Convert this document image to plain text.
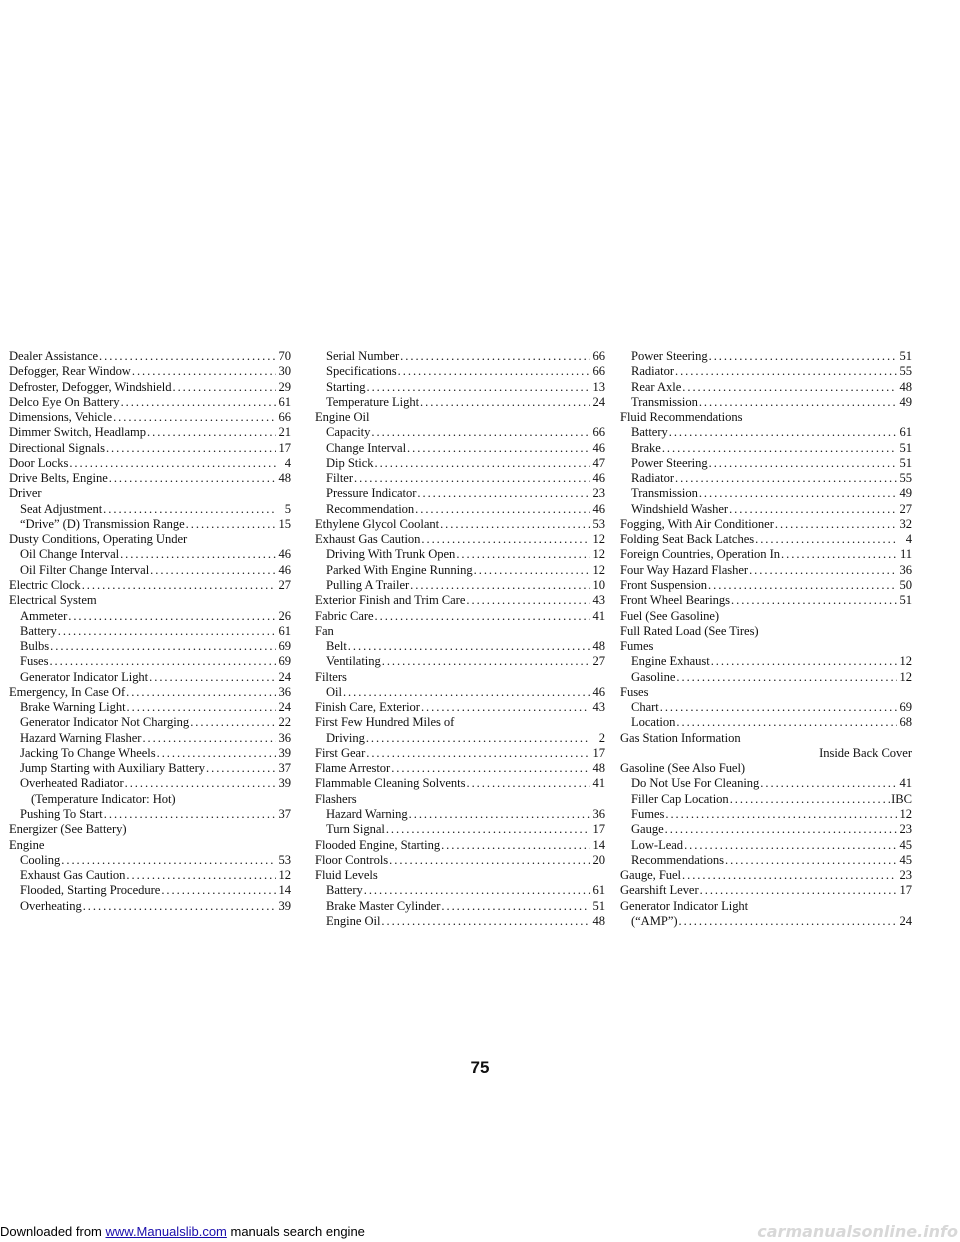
Dealer Assistance . . .	70
Defogger, Rear Window . . .	30
Defroster, Defogger, Windshield . . .	29
Delco Eye On Battery . . .	61
Dimensions, Vehicle . . .	66
Dimmer Switch, Headlamp . . .	21
Directional Signals . . .	17
Door Locks . . .	4
Drive Belts, Engine . . .	48
Driver
Seat Adjustment . . .	5
“Drive” (D) Transmission Range . . .	15
Dusty Conditions, Operating Under
Oil Change Interval . . .	46
Oil Filter Change Interval . . .	46
Electric Clock . . .	27
Electrical System
Ammeter . . .	26
Battery . . .	61
Bulbs . . .	69
Fuses . . .	69
Generator Indicator Light . . .	24
Emergency, In Case Of . . .	36
Brake Warning Light . . .	24
Generator Indicator Not Charging . . .	22
Hazard Warning Flasher . . .	36
Jacking To Change Wheels . . .	39
Jump Starting with Auxiliary Battery . . .	37
Overheated Radiator . . .	39
(Temperature Indicator: Hot)
Pushing To Start . . .	37
Energizer (See Battery)
Engine
Cooling . . .	53
Exhaust Gas Caution . . .	12
Flooded, Starting Procedure . . .	14
Overheating . . .	39
Serial Number . . .	66
Specifications . . .	66
Starting . . .	13
Temperature Light . . .	24
Engine Oil
Capacity . . .	66
Change Interval . . .	46
Dip Stick . . .	47
Filter . . .	46
Pressure Indicator . . .	23
Recommendation . . .	46
Ethylene Glycol Coolant . . .	53
Exhaust Gas Caution . . .	12
Driving With Trunk Open . . .	12
Parked With Engine Running . . .	12
Pulling A Trailer . . .	10
Exterior Finish and Trim Care . . .	43
Fabric Care . . .	41
Fan
Belt . . .	48
Ventilating . . .	27
Filters
Oil . . .	46
Finish Care, Exterior . . .	43
First Few Hundred Miles of
Driving . . .	2
First Gear . . .	17
Flame Arrestor . . .	48
Flammable Cleaning Solvents . . .	41
Flashers
Hazard Warning . . .	36
Turn Signal . . .	17
Flooded Engine, Starting . . .	14
Floor Controls . . .	20
Fluid Levels
Battery . . .	61
Brake Master Cylinder . . .	51
Engine Oil . . .	48
Power Steering . . .	51
Radiator . . .	55
Rear Axle . . .	48
Transmission . . .	49
Fluid Recommendations
Battery . . .	61
Brake . . .	51
Power Steering . . .	51
Radiator . . .	55
Transmission . . .	49
Windshield Washer . . .	27
Fogging, With Air Conditioner . . .	32
Folding Seat Back Latches . . .	4
Foreign Countries, Operation In . . .	11
Four Way Hazard Flasher . . .	36
Front Suspension . . .	50
Front Wheel Bearings . . .	51
Fuel (See Gasoline)
Full Rated Load (See Tires)
Fumes
Engine Exhaust . . .	12
Gasoline . . .	12
Fuses
Chart . . .	69
Location . . .	68
Gas Station Information
Inside Back Cover
Gasoline (See Also Fuel)
Do Not Use For Cleaning . . .	41
Filler Cap Location . . .	IBC
Fumes . . .	12
Gauge . . .	23
Low-Lead . . .	45
Recommendations . . .	45
Gauge, Fuel . . .	23
Gearshift Lever . . .	17
Generator Indicator Light
(“AMP”) . . .	24
75
Downloaded from www.Manualslib.com manuals search engine	carmanualsonline.info
